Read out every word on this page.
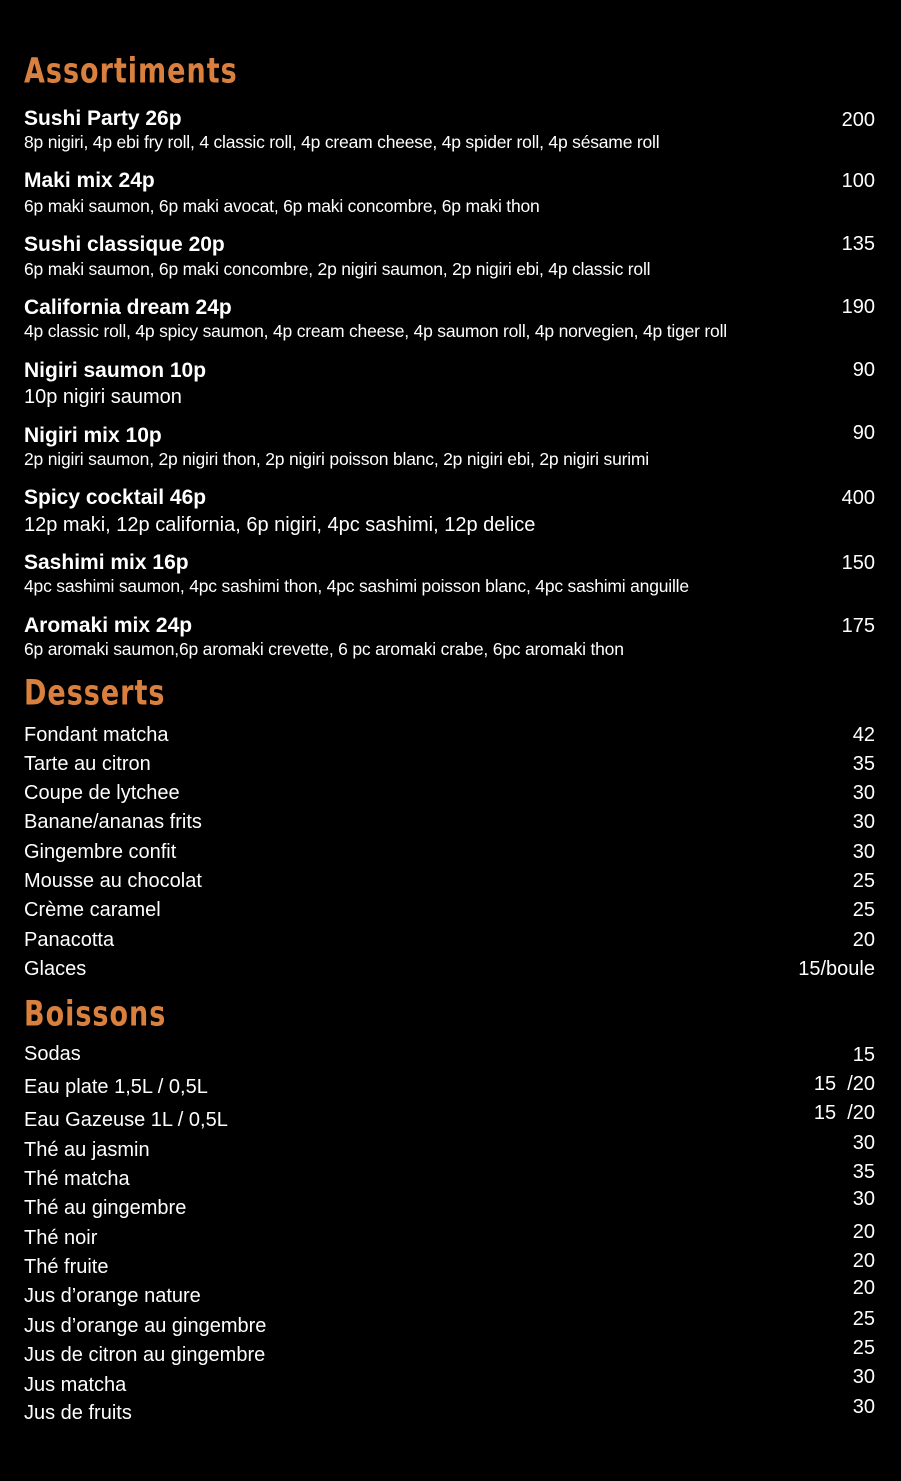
Assortiments
Sushi Party 26p	200
8p nigiri, 4p ebi fry roll, 4 classic roll, 4p cream cheese, 4p spider roll, 4p sésame roll
Maki mix 24p	100
6p maki saumon, 6p maki avocat, 6p maki concombre, 6p maki thon
Sushi classique 20p	135
6p maki saumon, 6p maki concombre, 2p nigiri saumon, 2p nigiri ebi, 4p classic roll
California dream 24p	190
4p classic roll, 4p spicy saumon, 4p cream cheese, 4p saumon roll, 4p norvegien, 4p tiger roll
Nigiri saumon 10p	90
10p nigiri saumon
Nigiri mix 10p	90
2p nigiri saumon, 2p nigiri thon, 2p nigiri poisson blanc, 2p nigiri ebi, 2p nigiri surimi
Spicy cocktail 46p	400
12p maki, 12p california, 6p nigiri, 4pc sashimi, 12p delice
Sashimi mix 16p	150
4pc sashimi saumon, 4pc sashimi thon, 4pc sashimi poisson blanc, 4pc sashimi anguille
Aromaki mix 24p	175
6p aromaki saumon,6p aromaki crevette, 6 pc aromaki crabe, 6pc aromaki thon
Desserts
Fondant matcha	42
Tarte au citron	35
Coupe de lytchee	30
Banane/ananas frits	30
Gingembre confit	30
Mousse au chocolat	25
Crème caramel	25
Panacotta	20
Glaces	15/boule
Boissons
Sodas	15
Eau plate 1,5L / 0,5L	15  /20
Eau Gazeuse 1L / 0,5L	15  /20
Thé au jasmin	30
Thé matcha	35
Thé au gingembre	30
Thé noir	20
Thé fruite	20
Jus d’orange nature	20
Jus d’orange au gingembre	25
Jus de citron au gingembre	25
Jus matcha	30
Jus de fruits	30
